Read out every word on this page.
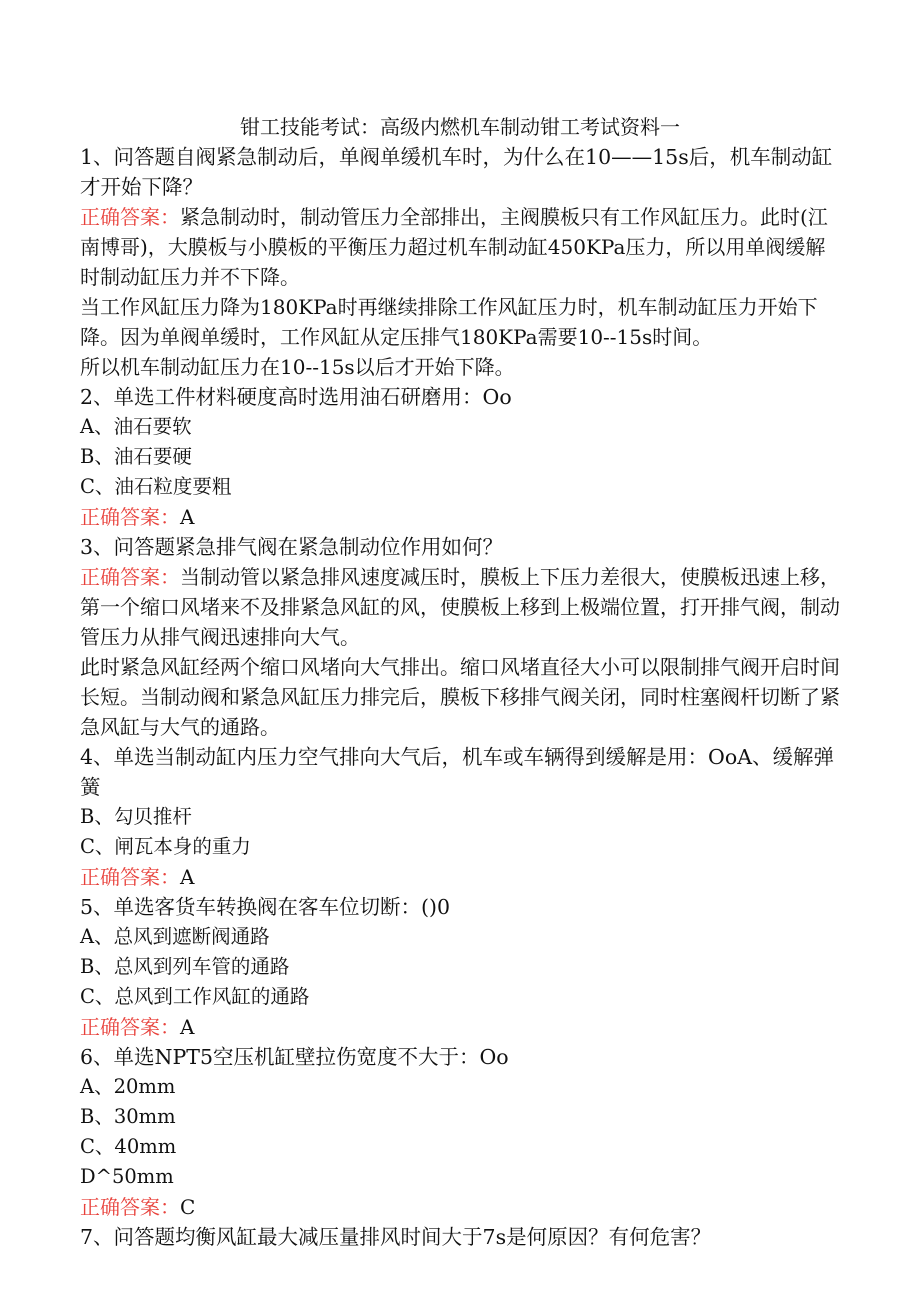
钳工技能考试：高级内燃机车制动钳工考试资料一

1、问答题自阀紧急制动后，单阀单缓机车时，为什么在10——15s后，机车制动缸才开始下降？

正确答案：紧急制动时，制动管压力全部排出，主阀膜板只有工作风缸压力。此时(江南博哥)，大膜板与小膜板的平衡压力超过机车制动缸450KPa压力，所以用单阀缓解时制动缸压力并不下降。

当工作风缸压力降为180KPa时再继续排除工作风缸压力时，机车制动缸压力开始下降。因为单阀单缓时，工作风缸从定压排气180KPa需要10--15s时间。

所以机车制动缸压力在10--15s以后才开始下降。

2、单选工件材料硬度高时选用油石研磨用：Oo

A、油石要软

B、油石要硬

C、油石粒度要粗

正确答案：A

3、问答题紧急排气阀在紧急制动位作用如何？

正确答案：当制动管以紧急排风速度减压时，膜板上下压力差很大，使膜板迅速上移，第一个缩口风堵来不及排紧急风缸的风，使膜板上移到上极端位置，打开排气阀，制动管压力从排气阀迅速排向大气。

此时紧急风缸经两个缩口风堵向大气排出。缩口风堵直径大小可以限制排气阀开启时间长短。当制动阀和紧急风缸压力排完后，膜板下移排气阀关闭，同时柱塞阀杆切断了紧急风缸与大气的通路。

4、单选当制动缸内压力空气排向大气后，机车或车辆得到缓解是用：OoA、缓解弹簧

B、勾贝推杆

C、闸瓦本身的重力

正确答案：A

5、单选客货车转换阀在客车位切断：()0

A、总风到遮断阀通路

B、总风到列车管的通路

C、总风到工作风缸的通路

正确答案：A

6、单选NPT5空压机缸壁拉伤宽度不大于：Oo

A、20mm

B、30mm

C、40mm

D^50mm

正确答案：C

7、问答题均衡风缸最大减压量排风时间大于7s是何原因？有何危害？
